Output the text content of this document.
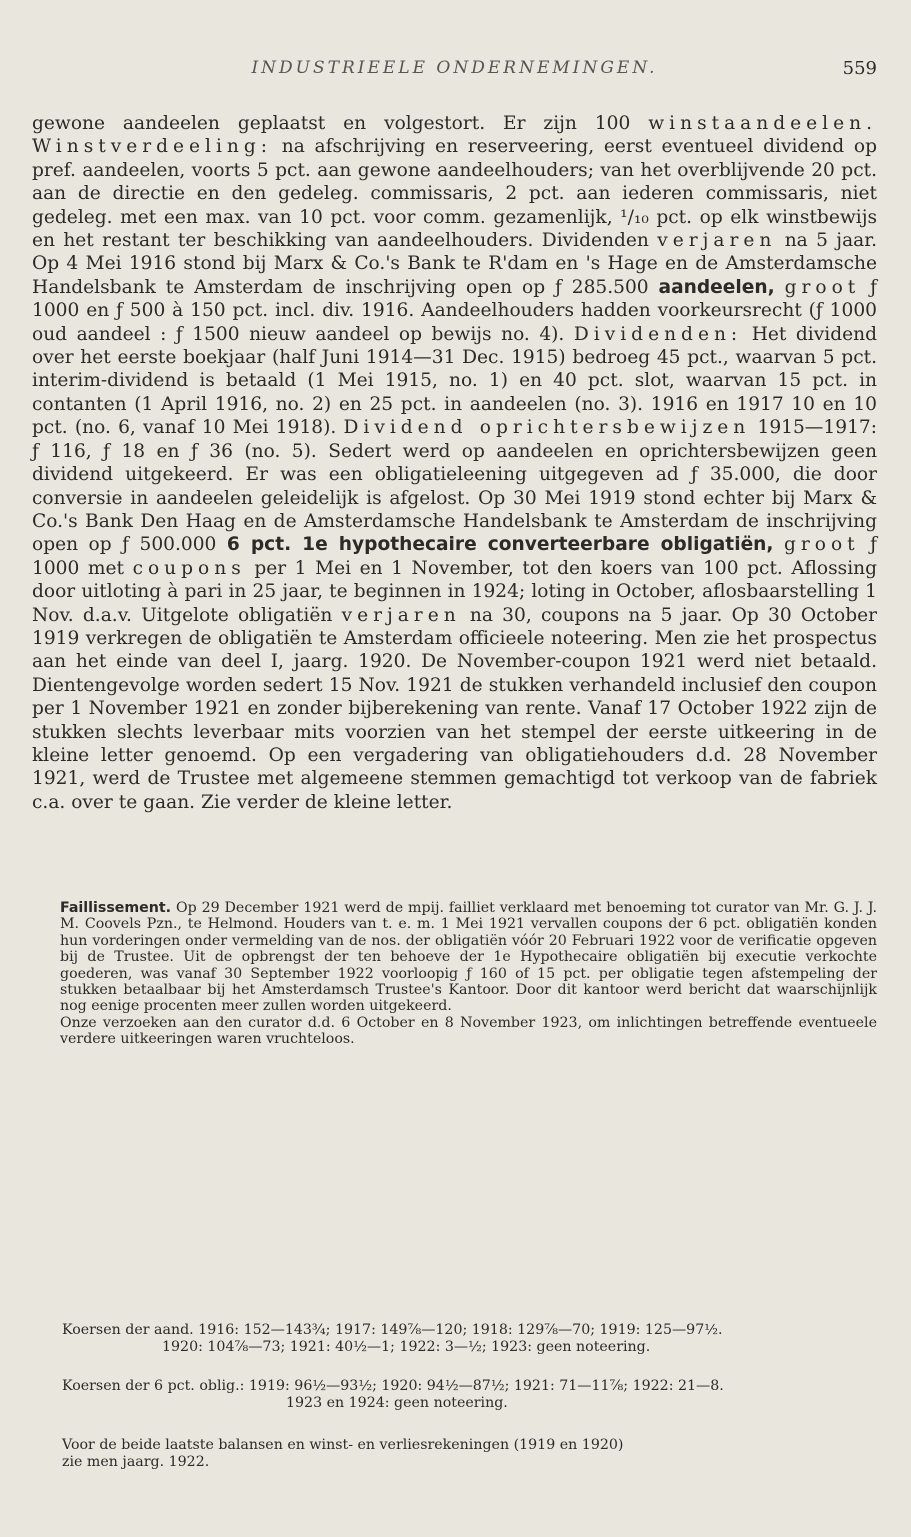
INDUSTRIEELE ONDERNEMINGEN.	559

gewone aandeelen geplaatst en volgestort. Er zijn 100 winstaandeelen. Winstverdeeling: na afschrijving en reserveering, eerst eventueel dividend op pref. aandeelen, voorts 5 pct. aan gewone aandeelhouders; van het overblijvende 20 pct. aan de directie en den gedeleg. commissaris, 2 pct. aan iederen commissaris, niet gedeleg. met een max. van 10 pct. voor comm. gezamenlijk, ¹/₁₀ pct. op elk winstbewijs en het restant ter beschikking van aandeelhouders. Dividenden verjaren na 5 jaar. Op 4 Mei 1916 stond bij Marx & Co.'s Bank te R'dam en 's Hage en de Amsterdamsche Handelsbank te Amsterdam de inschrijving open op ƒ 285.500 aandeelen, groot ƒ 1000 en ƒ 500 à 150 pct. incl. div. 1916. Aandeelhouders hadden voorkeursrecht (ƒ 1000 oud aandeel : ƒ 1500 nieuw aandeel op bewijs no. 4). Dividenden: Het dividend over het eerste boekjaar (half Juni 1914—31 Dec. 1915) bedroeg 45 pct., waarvan 5 pct. interim-dividend is betaald (1 Mei 1915, no. 1) en 40 pct. slot, waarvan 15 pct. in contanten (1 April 1916, no. 2) en 25 pct. in aandeelen (no. 3). 1916 en 1917 10 en 10 pct. (no. 6, vanaf 10 Mei 1918). Dividend oprichtersbewijzen 1915—1917: ƒ 116, ƒ 18 en ƒ 36 (no. 5). Sedert werd op aandeelen en oprichtersbewijzen geen dividend uitgekeerd. Er was een obligatieleening uitgegeven ad ƒ 35.000, die door conversie in aandeelen geleidelijk is afgelost. Op 30 Mei 1919 stond echter bij Marx & Co.'s Bank Den Haag en de Amsterdamsche Handelsbank te Amsterdam de inschrijving open op ƒ 500.000 6 pct. 1e hypothecaire converteerbare obligatiën, groot ƒ 1000 met coupons per 1 Mei en 1 November, tot den koers van 100 pct. Aflossing door uitloting à pari in 25 jaar, te beginnen in 1924; loting in October, aflosbaarstelling 1 Nov. d.a.v. Uitgelote obligatiën verjaren na 30, coupons na 5 jaar. Op 30 October 1919 verkregen de obligatiën te Amsterdam officieele noteering. Men zie het prospectus aan het einde van deel I, jaarg. 1920. De November-coupon 1921 werd niet betaald. Dientengevolge worden sedert 15 Nov. 1921 de stukken verhandeld inclusief den coupon per 1 November 1921 en zonder bijberekening van rente. Vanaf 17 October 1922 zijn de stukken slechts leverbaar mits voorzien van het stempel der eerste uitkeering in de kleine letter genoemd. Op een vergadering van obligatiehouders d.d. 28 November 1921, werd de Trustee met algemeene stemmen gemachtigd tot verkoop van de fabriek c.a. over te gaan. Zie verder de kleine letter.

Faillissement. Op 29 December 1921 werd de mpij. failliet verklaard met benoeming tot curator van Mr. G. J. J. M. Coovels Pzn., te Helmond. Houders van t. e. m. 1 Mei 1921 vervallen coupons der 6 pct. obligatiën konden hun vorderingen onder vermelding van de nos. der obligatiën vóór 20 Februari 1922 voor de verificatie opgeven bij de Trustee. Uit de opbrengst der ten behoeve der 1e Hypothecaire obligatiën bij executie verkochte goederen, was vanaf 30 September 1922 voorloopig ƒ 160 of 15 pct. per obligatie tegen afstempeling der stukken betaalbaar bij het Amsterdamsch Trustee's Kantoor. Door dit kantoor werd bericht dat waarschijnlijk nog eenige procenten meer zullen worden uitgekeerd.

Onze verzoeken aan den curator d.d. 6 October en 8 November 1923, om inlichtingen betreffende eventueele verdere uitkeeringen waren vruchteloos.

Koersen der aand. 1916: 152—143¾; 1917: 149⅞—120; 1918: 129⅞—70; 1919: 125—97½.

1920: 104⅞—73; 1921: 40½—1; 1922: 3—½; 1923: geen noteering.

Koersen der 6 pct. oblig.: 1919: 96½—93½; 1920: 94½—87½; 1921: 71—11⅞; 1922: 21—8.

1923 en 1924: geen noteering.

Voor de beide laatste balansen en winst- en verliesrekeningen (1919 en 1920)

zie men jaarg. 1922.
